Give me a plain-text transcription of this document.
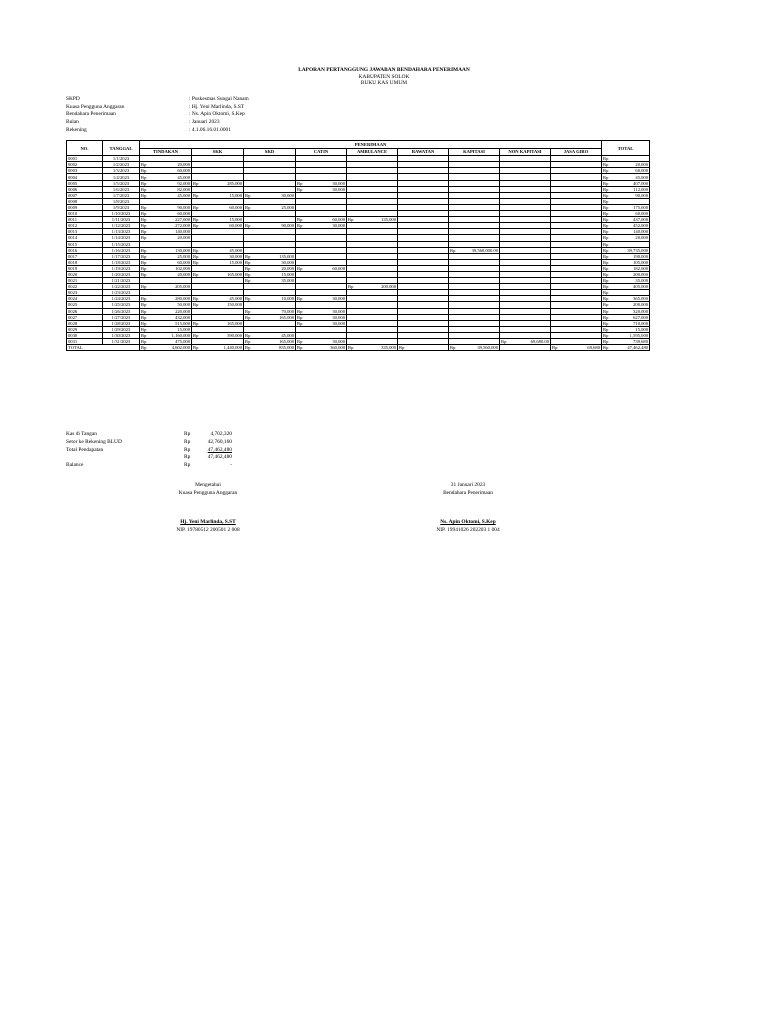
LAPORAN PERTANGGUNG JAWABAN BENDAHARA PENERIMAAN
KABUPATEN SOLOK
BUKU KAS UMUM
SKPD	: Puskesmas Sungai Nanam
Kuasa Pengguna Anggaran	: Hj. Yeni Marlinda, S.ST
Bendahara Penerimaan	: Ns. Apin Oktomi, S.Kep
Bulan	: Januari 2023
Rekening	: 4.1.06.16.01.0001
NO.	TANGGAL	PENERIMAAN									TOTAL
		TINDAKAN	SKK	SKD	CATIN	AMBULANCE	RAWATAN	KAPITASI	NON KAPITASI	JASA GIRO	
0001	1/1/2023										Rp

0002	1/2/2023	Rp 20,000									Rp 20,000

0003	1/3/2023	Rp 60,000									Rp 60,000

0004	1/4/2023	Rp 45,000									Rp 45,000

0005	1/5/2023	Rp 92,000	Rp 285,000		Rp 30,000						Rp 407,000

0006	1/6/2023	Rp 82,000			Rp 30,000						Rp 112,000

0007	1/7/2023	Rp 45,000	Rp 15,000	Rp 30,000							Rp 90,000

0008	1/8/2023										Rp

0009	1/9/2023	Rp 90,000	Rp 60,000	Rp 25,000							Rp 175,000

0010	1/10/2023	Rp 60,000									Rp 60,000

0011	1/11/2023	Rp 227,000	Rp 15,000		Rp 60,000	Rp 135,000					Rp 437,000

0012	1/12/2023	Rp 272,000	Rp 60,000	Rp 90,000	Rp 30,000						Rp 452,000

0013	1/13/2023	Rp 140,000									Rp 140,000

0014	1/14/2023	Rp 20,000									Rp 20,000

0015	1/15/2023										Rp

0016	1/16/2023	Rp 130,000	Rp 45,000					Rp 39,560,000.00			Rp 39,735,000

0017	1/17/2023	Rp 25,000	Rp 30,000	Rp 135,000							Rp 190,000

0018	1/18/2023	Rp 60,000	Rp 15,000	Rp 30,000							Rp 105,000

0019	1/19/2023	Rp 102,000		Rp 20,000	Rp 60,000						Rp 182,000

0020	1/20/2023	Rp 20,000	Rp 165,000	Rp 15,000							Rp 200,000

0021	1/21/2023			Rp 35,000							Rp 35,000

0022	1/22/2023	Rp 205,000				Rp 200,000					Rp 405,000

0023	1/23/2023										Rp

0024	1/24/2023	Rp 280,000	Rp 45,000	Rp 10,000	Rp 30,000						Rp 365,000

0025	1/25/2023	Rp 50,000	Rp 150,000								Rp 200,000

0026	1/26/2023	Rp 220,000		Rp 70,000	Rp 30,000						Rp 320,000

0027	1/27/2023	Rp 432,000		Rp 165,000	Rp 30,000						Rp 627,000

0028	1/28/2023	Rp 515,000	Rp 165,000		Rp 30,000						Rp 710,000

0029	1/29/2023	Rp 15,000									Rp 15,000

0030	1/30/2023	Rp 1,160,000	Rp 390,000	Rp 45,000							Rp 1,595,000

0031	1/31/2023	Rp 475,000		Rp 165,000	Rp 30,000				Rp 69,680.00		Rp 739,680

TOTAL		Rp 4,602,000	Rp 1,440,000	Rp 835,000	Rp 360,000	Rp 335,000	Rp	Rp 39,560,000		Rp 69,680	Rp 47,462,480
Kas di Tangan	Rp	4,702,320
Setor ke Rekening BLUD	Rp	42,760,160
Total Pendapatan	Rp	47,462,480
Rp	47,462,480
Balance	Rp	-
Mengetahui
Kuasa Pengguna Anggaran
Hj. Yeni Marlinda, S.ST
NIP. 19780512 200501 2 008
31 Januari 2023
Bendahara Penerimaan
Ns. Apin Oktomi, S.Kep
NIP. 19941026 202203 1 004
